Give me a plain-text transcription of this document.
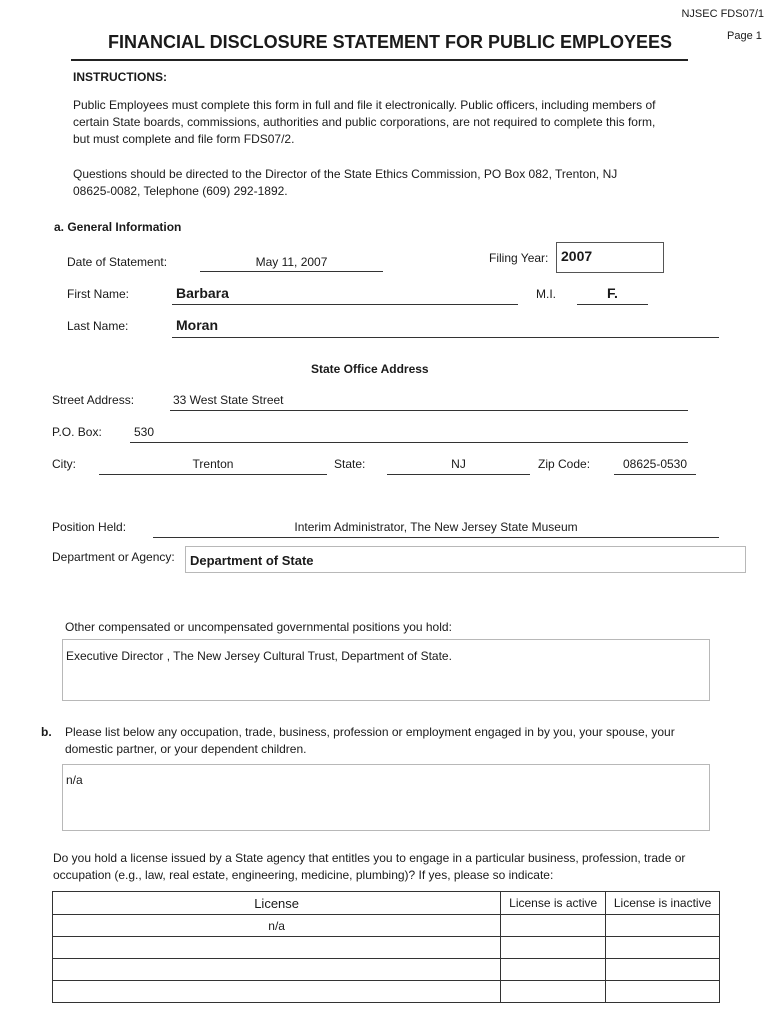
NJSEC FDS07/1
Page 1
FINANCIAL DISCLOSURE STATEMENT FOR PUBLIC EMPLOYEES
INSTRUCTIONS:
Public Employees must complete this form in full and file it electronically. Public officers, including members of
certain State boards, commissions, authorities and public corporations, are not required to complete this form,
but must complete and file form FDS07/2.
Questions should be directed to the Director of the State Ethics Commission, PO Box 082, Trenton, NJ
08625-0082, Telephone (609) 292-1892.
a. General Information
Date of Statement:	May 11, 2007	Filing Year: 2007
First Name:	Barbara	M.I.	F.
Last Name:	Moran
State Office Address
Street Address:	33 West State Street
P.O. Box:	530
City:	Trenton	State:	NJ	Zip Code:	08625-0530
Position Held:	Interim Administrator, The New Jersey State Museum
Department or Agency: Department of State
Other compensated or uncompensated governmental positions you hold:
Executive Director , The New Jersey Cultural Trust, Department of State.
b. Please list below any occupation, trade, business, profession or employment engaged in by you, your spouse, your
domestic partner, or your dependent children.
n/a
Do you hold a license issued by a State agency that entitles you to engage in a particular business, profession, trade or
occupation (e.g., law, real estate, engineering, medicine, plumbing)? If yes, please so indicate:
License	License is active	License is inactive
n/a		
